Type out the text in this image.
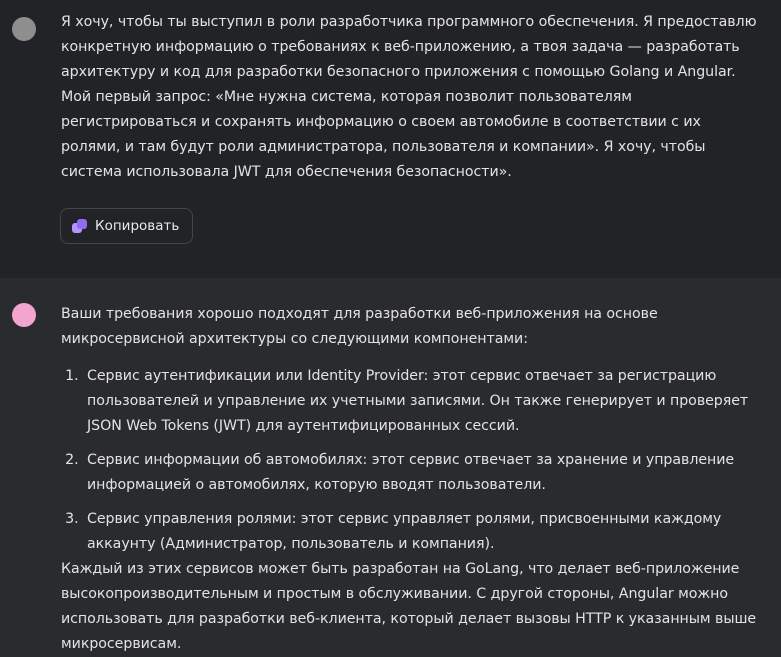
Я хочу, чтобы ты выступил в роли разработчика программного обеспечения. Я предоставлю конкретную информацию о требованиях к веб-приложению, а твоя задача — разработать архитектуру и код для разработки безопасного приложения с помощью Golang и Angular. Мой первый запрос: «Мне нужна система, которая позволит пользователям регистрироваться и сохранять информацию о своем автомобиле в соответствии с их ролями, и там будут роли администратора, пользователя и компании». Я хочу, чтобы система использовала JWT для обеспечения безопасности».

Копировать

Ваши требования хорошо подходят для разработки веб-приложения на основе микросервисной архитектуры со следующими компонентами:

1. Сервис аутентификации или Identity Provider: этот сервис отвечает за регистрацию пользователей и управление их учетными записями. Он также генерирует и проверяет JSON Web Tokens (JWT) для аутентифицированных сессий.
2. Сервис информации об автомобилях: этот сервис отвечает за хранение и управление информацией о автомобилях, которую вводят пользователи.
3. Сервис управления ролями: этот сервис управляет ролями, присвоенными каждому аккаунту (Администратор, пользователь и компания).

Каждый из этих сервисов может быть разработан на GoLang, что делает веб-приложение высокопроизводительным и простым в обслуживании. С другой стороны, Angular можно использовать для разработки веб-клиента, который делает вызовы HTTP к указанным выше микросервисам.
